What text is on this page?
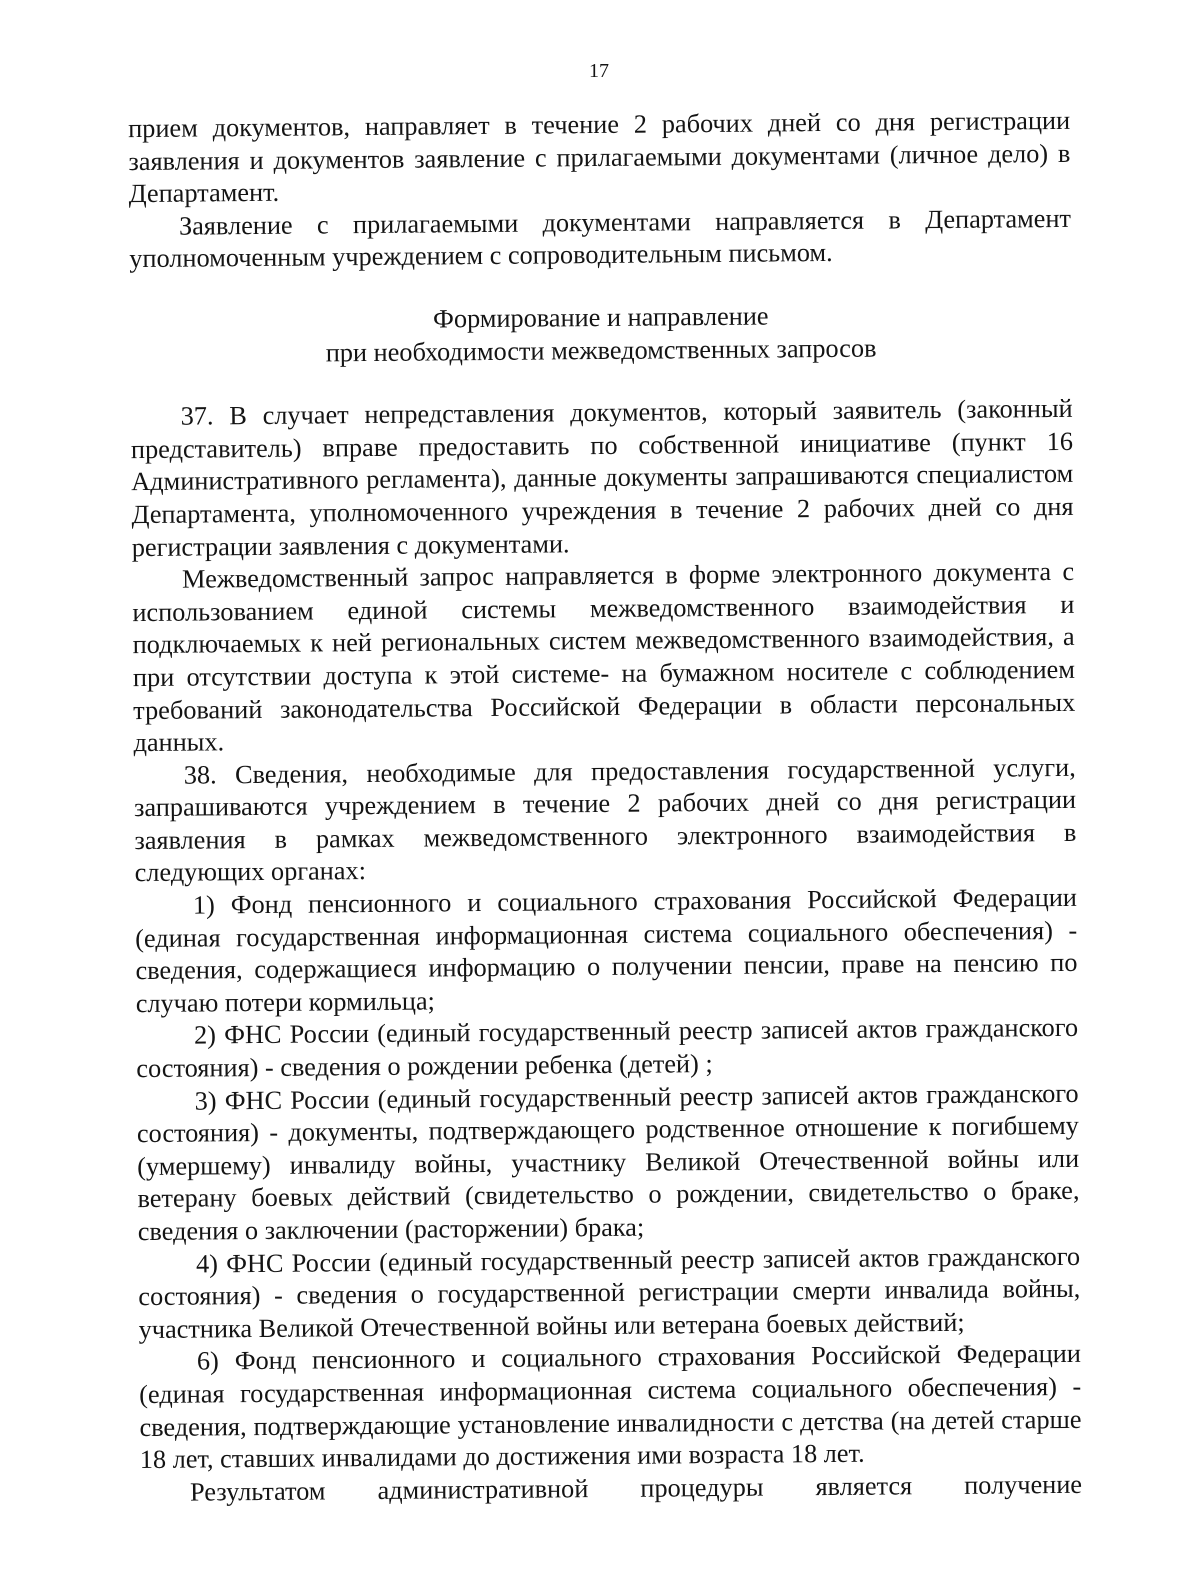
17

прием документов, направляет в течение 2 рабочих дней со дня регистрации заявления и документов заявление с прилагаемыми документами (личное дело) в Департамент.

Заявление с прилагаемыми документами направляется в Департамент уполномоченным учреждением с сопроводительным письмом.

Формирование и направление
при необходимости межведомственных запросов

37. В случает непредставления документов, который заявитель (законный представитель) вправе предоставить по собственной инициативе (пункт 16 Административного регламента), данные документы запрашиваются специалистом Департамента, уполномоченного учреждения в течение 2 рабочих дней со дня регистрации заявления с документами.

Межведомственный запрос направляется в форме электронного документа с использованием единой системы межведомственного взаимодействия и подключаемых к ней региональных систем межведомственного взаимодействия, а при отсутствии доступа к этой системе- на бумажном носителе с соблюдением требований законодательства Российской Федерации в области персональных данных.

38. Сведения, необходимые для предоставления государственной услуги, запрашиваются учреждением в течение 2 рабочих дней со дня регистрации заявления в рамках межведомственного электронного взаимодействия в следующих органах:

1) Фонд пенсионного и социального страхования Российской Федерации (единая государственная информационная система социального обеспечения) - сведения, содержащиеся информацию о получении пенсии, праве на пенсию по случаю потери кормильца;

2) ФНС России (единый государственный реестр записей актов гражданского состояния) - сведения о рождении ребенка (детей) ;

3) ФНС России (единый государственный реестр записей актов гражданского состояния) - документы, подтверждающего родственное отношение к погибшему (умершему) инвалиду войны, участнику Великой Отечественной войны или ветерану боевых действий (свидетельство о рождении, свидетельство о браке, сведения о заключении (расторжении) брака;

4) ФНС России (единый государственный реестр записей актов гражданского состояния) - сведения о государственной регистрации смерти инвалида войны, участника Великой Отечественной войны или ветерана боевых действий;

6) Фонд пенсионного и социального страхования Российской Федерации (единая государственная информационная система социального обеспечения) - сведения, подтверждающие установление инвалидности с детства (на детей старше 18 лет, ставших инвалидами до достижения ими возраста 18 лет.

Результатом административной процедуры является получение
